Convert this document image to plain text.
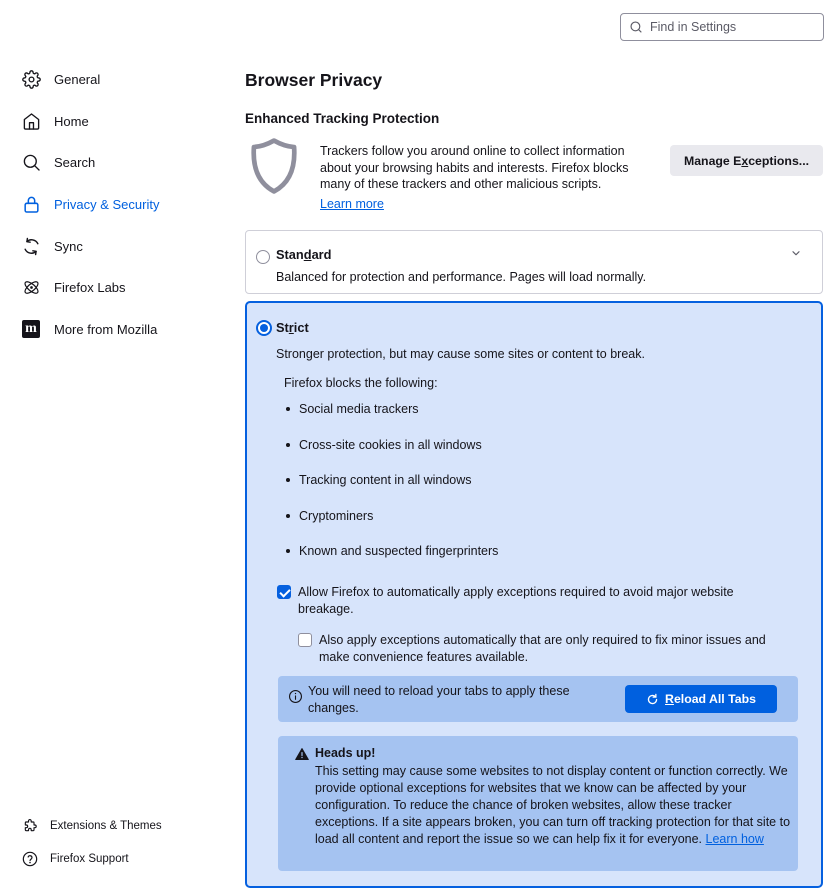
Find in Settings
General
Home
Search
Privacy & Security
Sync
Firefox Labs
m More from Mozilla
Extensions & Themes
Firefox Support
Browser Privacy
Enhanced Tracking Protection
Trackers follow you around online to collect information about your browsing habits and interests. Firefox blocks many of these trackers and other malicious scripts.
Learn more
Manage Exceptions...
Standard
Balanced for protection and performance. Pages will load normally.
Strict
Stronger protection, but may cause some sites or content to break.
Firefox blocks the following:
Social media trackers
Cross-site cookies in all windows
Tracking content in all windows
Cryptominers
Known and suspected fingerprinters
Allow Firefox to automatically apply exceptions required to avoid major website breakage.
Also apply exceptions automatically that are only required to fix minor issues and make convenience features available.
You will need to reload your tabs to apply these changes.
Reload All Tabs
Heads up!
This setting may cause some websites to not display content or function correctly. We provide optional exceptions for websites that we know can be affected by your configuration. To reduce the chance of broken websites, allow these tracker exceptions. If a site appears broken, you can turn off tracking protection for that site to load all content and report the issue so we can help fix it for everyone. Learn how
